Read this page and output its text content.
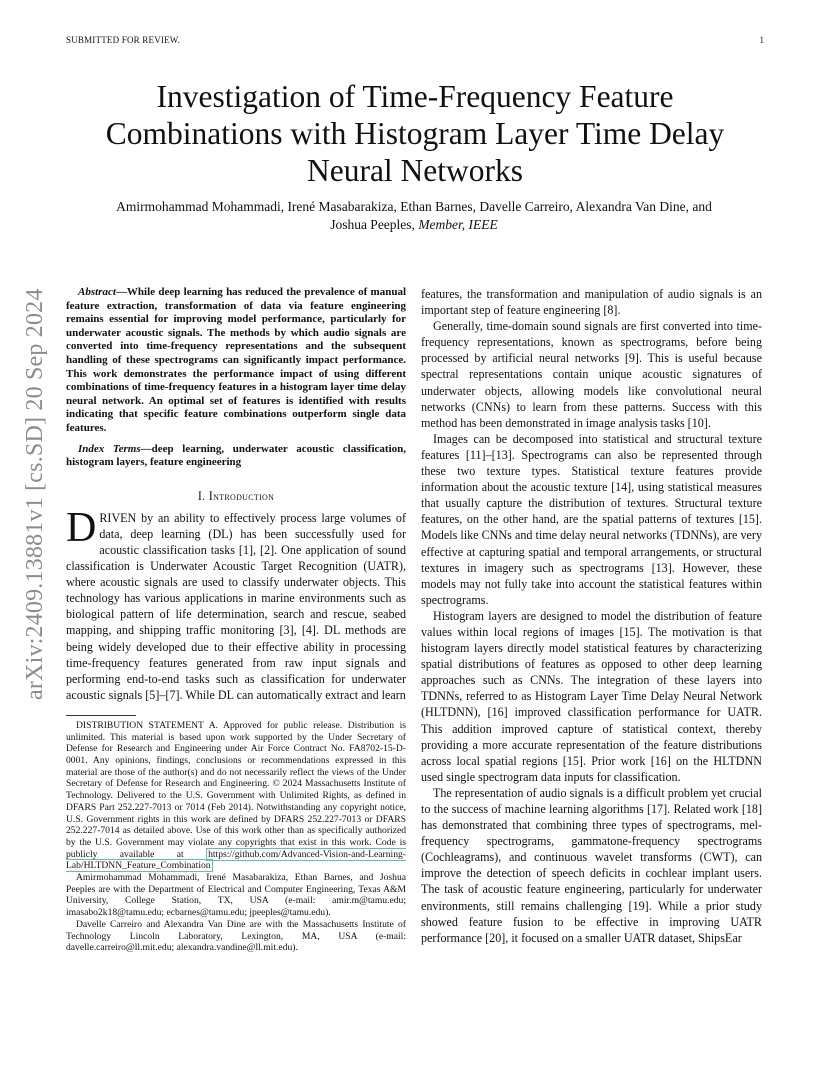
SUBMITTED FOR REVIEW.	1
arXiv:2409.13881v1 [cs.SD] 20 Sep 2024
Investigation of Time-Frequency Feature Combinations with Histogram Layer Time Delay Neural Networks
Amirmohammad Mohammadi, Irené Masabarakiza, Ethan Barnes, Davelle Carreiro, Alexandra Van Dine, and
Joshua Peeples, Member, IEEE

Abstract—While deep learning has reduced the prevalence of manual feature extraction, transformation of data via feature engineering remains essential for improving model performance, particularly for underwater acoustic signals. The methods by which audio signals are converted into time-frequency representations and the subsequent handling of these spectrograms can significantly impact performance. This work demonstrates the performance impact of using different combinations of time-frequency features in a histogram layer time delay neural network. An optimal set of features is identified with results indicating that specific feature combinations outperform single data features.

Index Terms—deep learning, underwater acoustic classification, histogram layers, feature engineering

I. Introduction

DRIVEN by an ability to effectively process large volumes of data, deep learning (DL) has been successfully used for acoustic classification tasks [1], [2]. One application of sound classification is Underwater Acoustic Target Recognition (UATR), where acoustic signals are used to classify underwater objects. This technology has various applications in marine environments such as biological pattern of life determination, search and rescue, seabed mapping, and shipping traffic monitoring [3], [4]. DL methods are being widely developed due to their effective ability in processing time-frequency features generated from raw input signals and performing end-to-end tasks such as classification for underwater acoustic signals [5]–[7]. While DL can automatically extract and learn

DISTRIBUTION STATEMENT A. Approved for public release. Distribution is unlimited. This material is based upon work supported by the Under Secretary of Defense for Research and Engineering under Air Force Contract No. FA8702-15-D-0001. Any opinions, findings, conclusions or recommendations expressed in this material are those of the author(s) and do not necessarily reflect the views of the Under Secretary of Defense for Research and Engineering. © 2024 Massachusetts Institute of Technology. Delivered to the U.S. Government with Unlimited Rights, as defined in DFARS Part 252.227-7013 or 7014 (Feb 2014). Notwithstanding any copyright notice, U.S. Government rights in this work are defined by DFARS 252.227-7013 or DFARS 252.227-7014 as detailed above. Use of this work other than as specifically authorized by the U.S. Government may violate any copyrights that exist in this work. Code is publicly available at https://github.com/Advanced-Vision-and-Learning-Lab/HLTDNN_Feature_Combination

Amirmohammad Mohammadi, Irené Masabarakiza, Ethan Barnes, and Joshua Peeples are with the Department of Electrical and Computer Engineering, Texas A&M University, College Station, TX, USA (e-mail: amir.m@tamu.edu; imasabo2k18@tamu.edu; ecbarnes@tamu.edu; jpeeples@tamu.edu).

Davelle Carreiro and Alexandra Van Dine are with the Massachusetts Institute of Technology Lincoln Laboratory, Lexington, MA, USA (e-mail: davelle.carreiro@ll.mit.edu; alexandra.vandine@ll.mit.edu).

features, the transformation and manipulation of audio signals is an important step of feature engineering [8].

Generally, time-domain sound signals are first converted into time-frequency representations, known as spectrograms, before being processed by artificial neural networks [9]. This is useful because spectral representations contain unique acoustic signatures of underwater objects, allowing models like convolutional neural networks (CNNs) to learn from these patterns. Success with this method has been demonstrated in image analysis tasks [10].

Images can be decomposed into statistical and structural texture features [11]–[13]. Spectrograms can also be represented through these two texture types. Statistical texture features provide information about the acoustic texture [14], using statistical measures that usually capture the distribution of textures. Structural texture features, on the other hand, are the spatial patterns of textures [15]. Models like CNNs and time delay neural networks (TDNNs), are very effective at capturing spatial and temporal arrangements, or structural textures in imagery such as spectrograms [13]. However, these models may not fully take into account the statistical features within spectrograms.

Histogram layers are designed to model the distribution of feature values within local regions of images [15]. The motivation is that histogram layers directly model statistical features by characterizing spatial distributions of features as opposed to other deep learning approaches such as CNNs. The integration of these layers into TDNNs, referred to as Histogram Layer Time Delay Neural Network (HLTDNN), [16] improved classification performance for UATR. This addition improved capture of statistical context, thereby providing a more accurate representation of the feature distributions across local spatial regions [15]. Prior work [16] on the HLTDNN used single spectrogram data inputs for classification.

The representation of audio signals is a difficult problem yet crucial to the success of machine learning algorithms [17]. Related work [18] has demonstrated that combining three types of spectrograms, mel-frequency spectrograms, gammatone-frequency spectrograms (Cochleagrams), and continuous wavelet transforms (CWT), can improve the detection of speech deficits in cochlear implant users. The task of acoustic feature engineering, particularly for underwater environments, still remains challenging [19]. While a prior study showed feature fusion to be effective in improving UATR performance [20], it focused on a smaller UATR dataset, ShipsEar
